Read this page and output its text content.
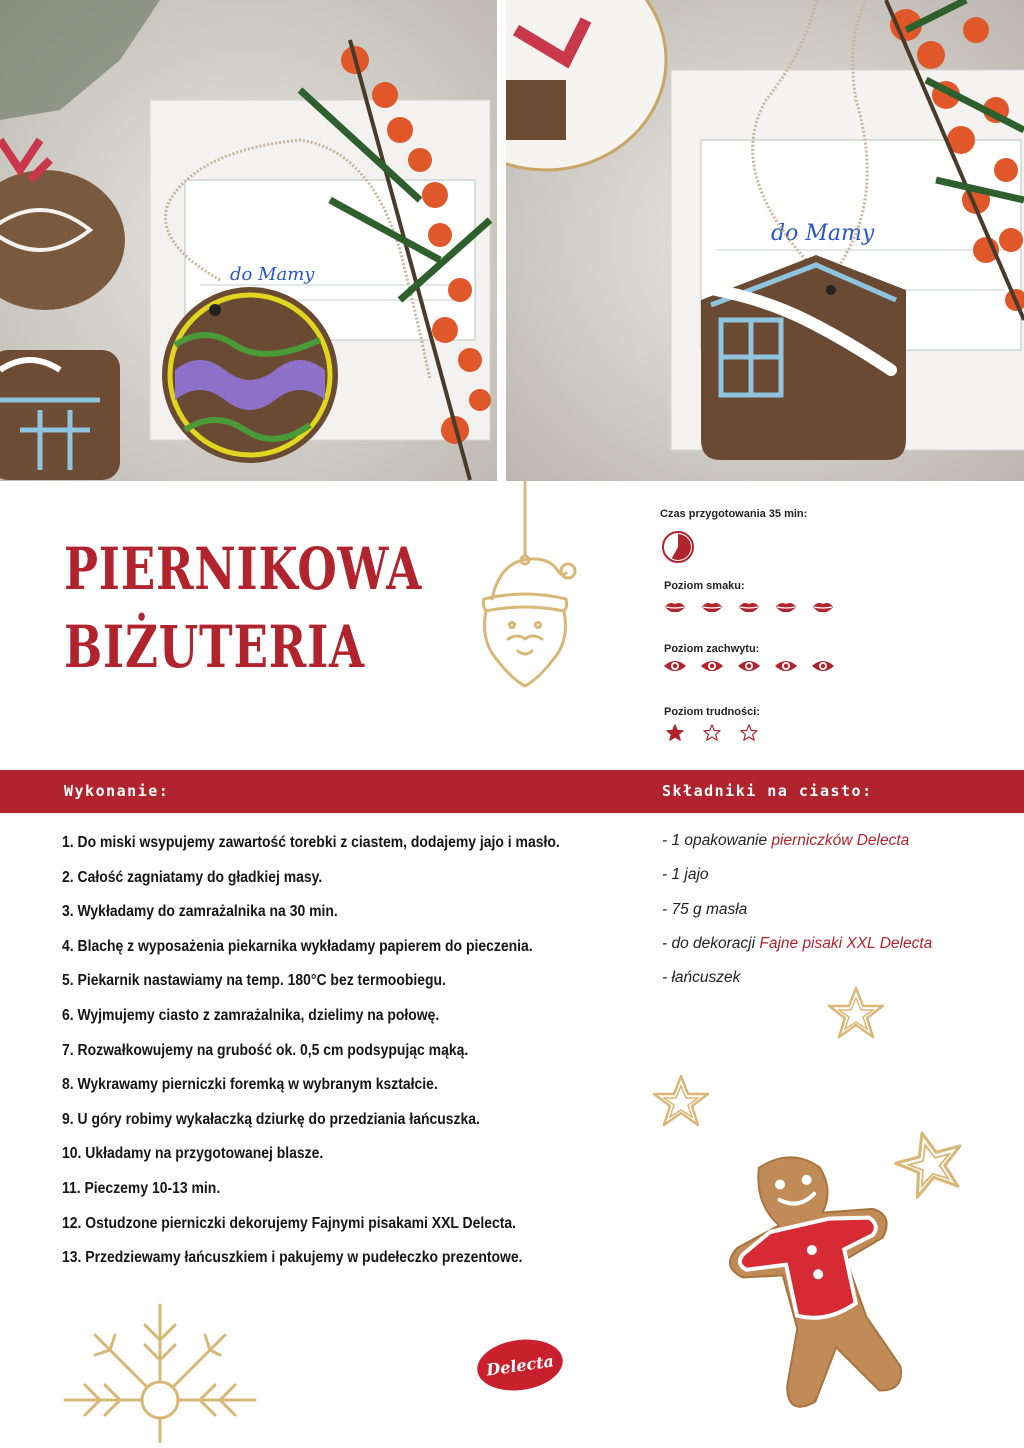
do Mamy
do Mamy
PIERNIKOWA
BIŻUTERIA
Czas przygotowania 35 min:
Poziom smaku:
Poziom zachwytu:
Poziom trudności:
Wykonanie:	Składniki na ciasto:
1. Do miski wsypujemy zawartość torebki z ciastem, dodajemy jajo i masło.
2. Całość zagniatamy do gładkiej masy.
3. Wykładamy do zamrażalnika na 30 min.
4. Blachę z wyposażenia piekarnika wykładamy papierem do pieczenia.
5. Piekarnik nastawiamy na temp. 180°C bez termoobiegu.
6. Wyjmujemy ciasto z zamrażalnika, dzielimy na połowę.
7. Rozwałkowujemy na grubość ok. 0,5 cm podsypując mąką.
8. Wykrawamy pierniczki foremką w wybranym kształcie.
9. U góry robimy wykałaczką dziurkę do przedziania łańcuszka.
10. Układamy na przygotowanej blasze.
11. Pieczemy 10-13 min.
12. Ostudzone pierniczki dekorujemy Fajnymi pisakami XXL Delecta.
13. Przedziewamy łańcuszkiem i pakujemy w pudełeczko prezentowe.
- 1 opakowanie pierniczków Delecta
- 1 jajo
- 75 g masła
- do dekoracji Fajne pisaki XXL Delecta
- łańcuszek
Delecta
